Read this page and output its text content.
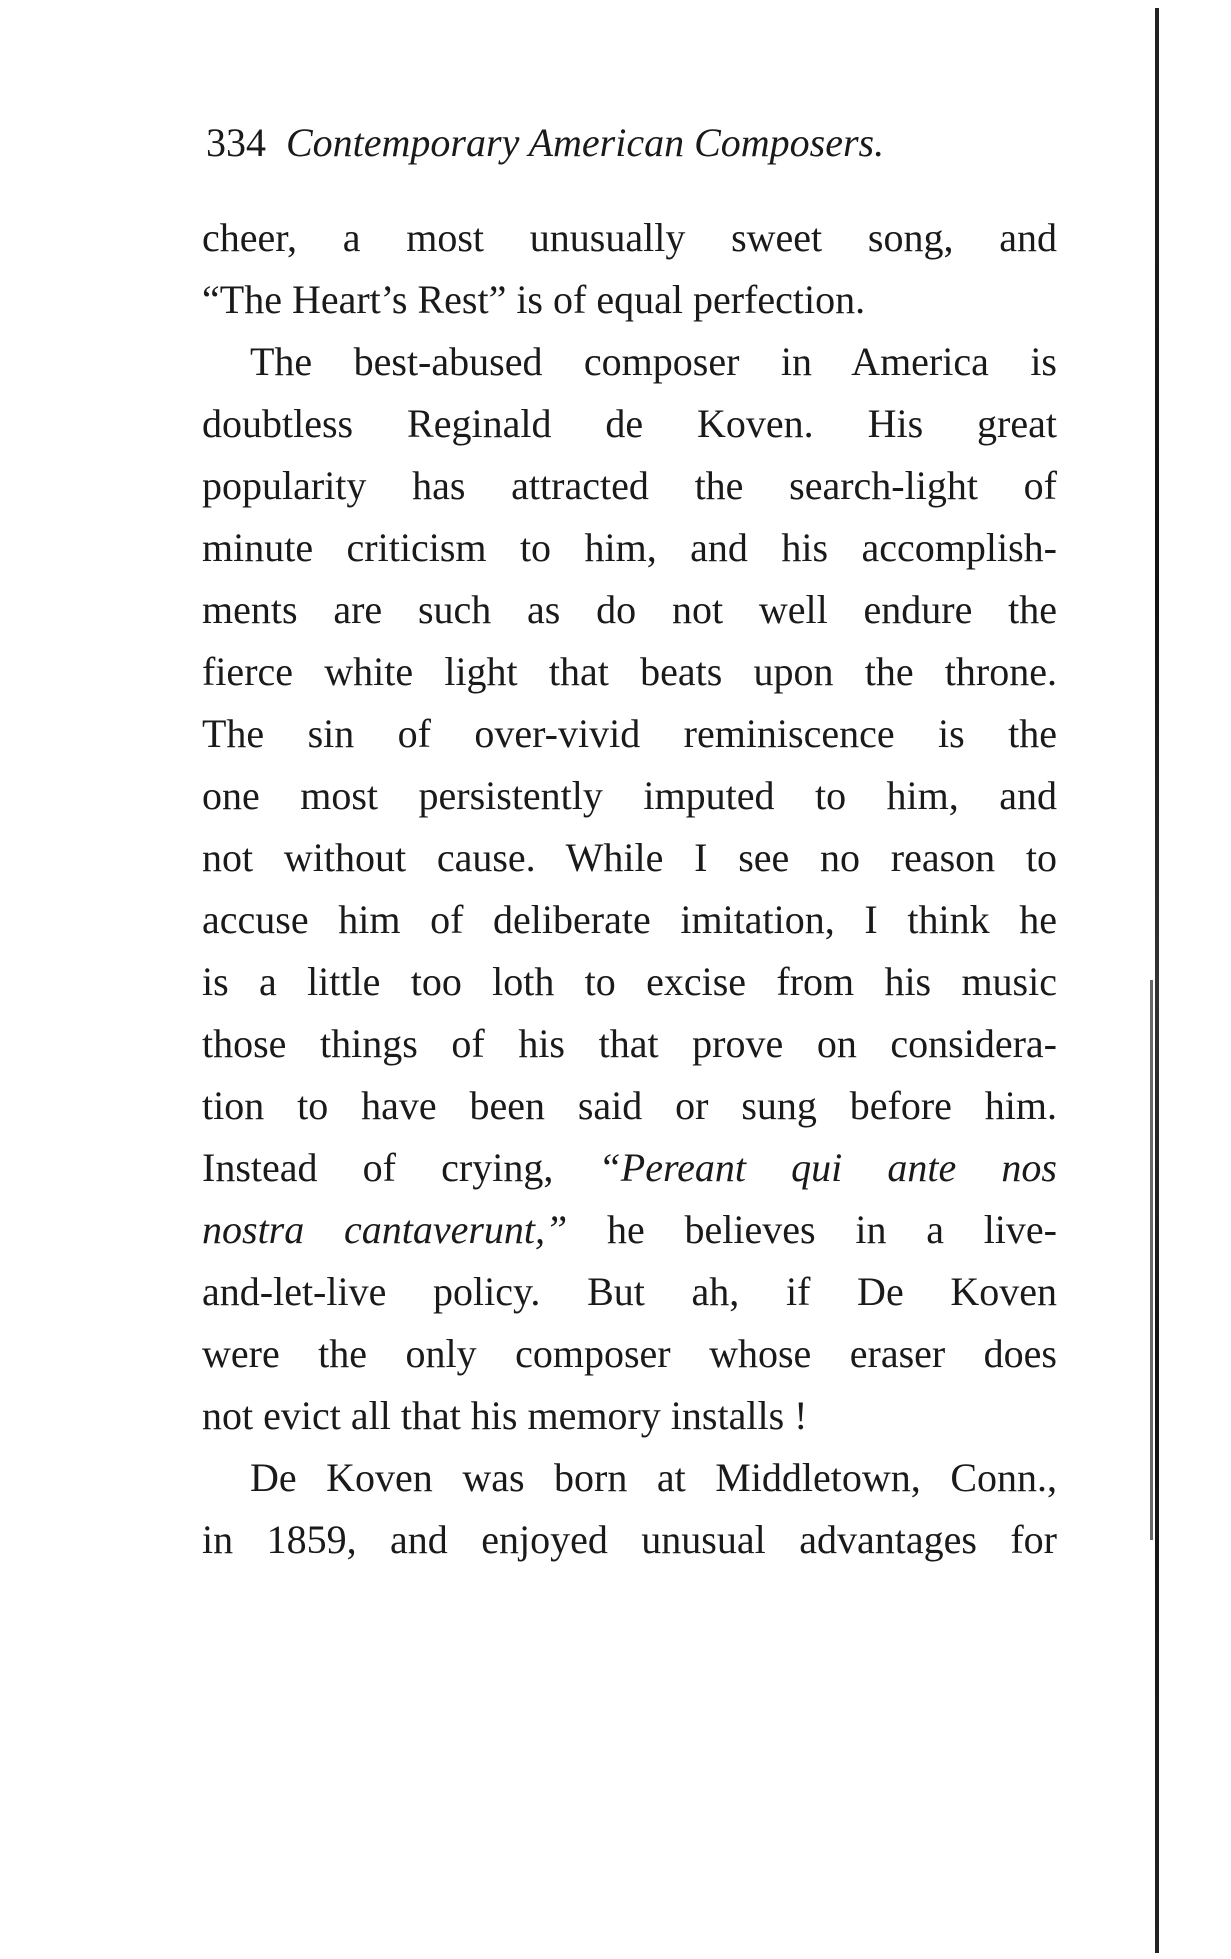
334 Contemporary American Composers.
cheer, a most unusually sweet song, and
“The Heart’s Rest” is of equal perfection.
The best-abused composer in America is
doubtless Reginald de Koven. His great
popularity has attracted the search-light of
minute criticism to him, and his accomplish-
ments are such as do not well endure the
fierce white light that beats upon the throne.
The sin of over-vivid reminiscence is the
one most persistently imputed to him, and
not without cause. While I see no reason to
accuse him of deliberate imitation, I think he
is a little too loth to excise from his music
those things of his that prove on considera-
tion to have been said or sung before him.
Instead of crying, “Pereant qui ante nos
nostra cantaverunt,” he believes in a live-
and-let-live policy. But ah, if De Koven
were the only composer whose eraser does
not evict all that his memory installs !
De Koven was born at Middletown, Conn.,
in 1859, and enjoyed unusual advantages for
